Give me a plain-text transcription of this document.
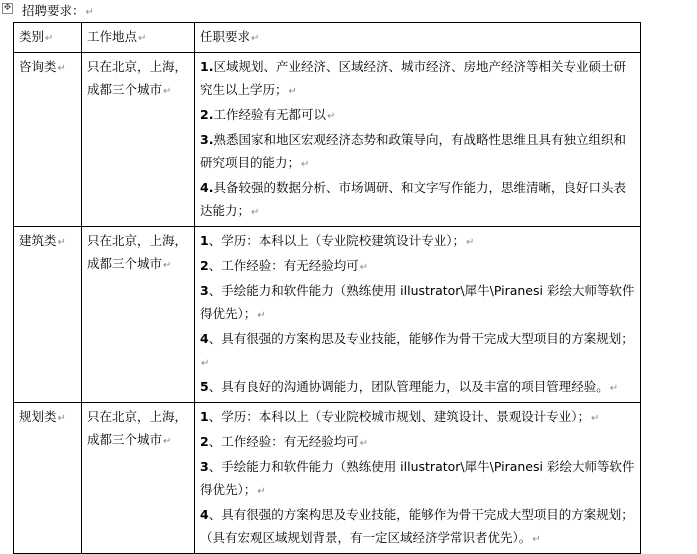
✥ 招聘要求：↵
类别↵	工作地点↵	任职要求↵
咨询类↵	只在北京，上海，成都三个城市↵	1.区域规划、产业经济、区域经济、城市经济、房地产经济等相关专业硕士研究生以上学历；↵
2.工作经验有无都可以↵
3.熟悉国家和地区宏观经济态势和政策导向，有战略性思维且具有独立组织和研究项目的能力；↵
4.具备较强的数据分析、市场调研、和文字写作能力，思维清晰，良好口头表达能力；↵

建筑类↵	只在北京，上海，成都三个城市↵	1、学历：本科以上（专业院校建筑设计专业）；↵
2、工作经验：有无经验均可↵
3、手绘能力和软件能力（熟练使用 illustrator\犀牛\Piranesi 彩绘大师等软件得优先）；↵
4、具有很强的方案构思及专业技能，能够作为骨干完成大型项目的方案规划；↵
5、具有良好的沟通协调能力，团队管理能力，以及丰富的项目管理经验。↵

规划类↵	只在北京，上海，成都三个城市↵	1、学历：本科以上（专业院校城市规划、建筑设计、景观设计专业）；↵
2、工作经验：有无经验均可↵
3、手绘能力和软件能力（熟练使用 illustrator\犀牛\Piranesi 彩绘大师等软件得优先）；↵
4、具有很强的方案构思及专业技能，能够作为骨干完成大型项目的方案规划；（具有宏观区域规划背景，有一定区域经济学常识者优先）。↵
